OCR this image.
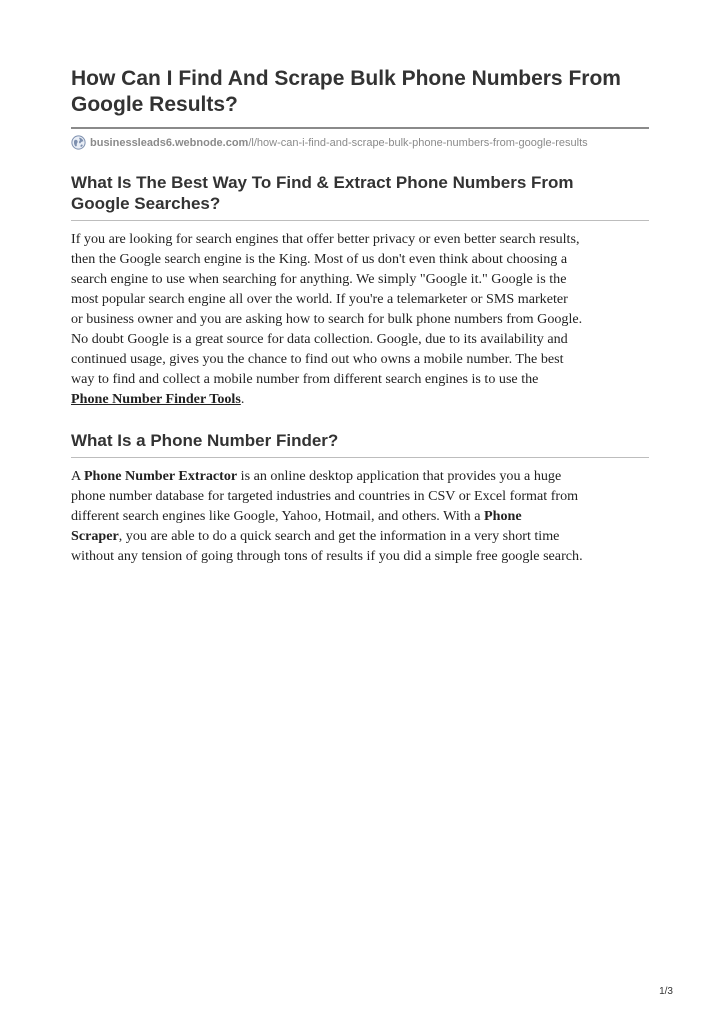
How Can I Find And Scrape Bulk Phone Numbers From
Google Results?
businessleads6.webnode.com /l/how-can-i-find-and-scrape-bulk-phone-numbers-from-google-results
What Is The Best Way To Find & Extract Phone Numbers From
Google Searches?

If you are looking for search engines that offer better privacy or even better search results,
then the Google search engine is the King. Most of us don't even think about choosing a
search engine to use when searching for anything. We simply "Google it." Google is the
most popular search engine all over the world. If you're a telemarketer or SMS marketer
or business owner and you are asking how to search for bulk phone numbers from Google.
No doubt Google is a great source for data collection. Google, due to its availability and
continued usage, gives you the chance to find out who owns a mobile number. The best
way to find and collect a mobile number from different search engines is to use the
Phone Number Finder Tools.

What Is a Phone Number Finder?

A Phone Number Extractor is an online desktop application that provides you a huge
phone number database for targeted industries and countries in CSV or Excel format from
different search engines like Google, Yahoo, Hotmail, and others. With a Phone
Scraper, you are able to do a quick search and get the information in a very short time
without any tension of going through tons of results if you did a simple free google search.

1/3
